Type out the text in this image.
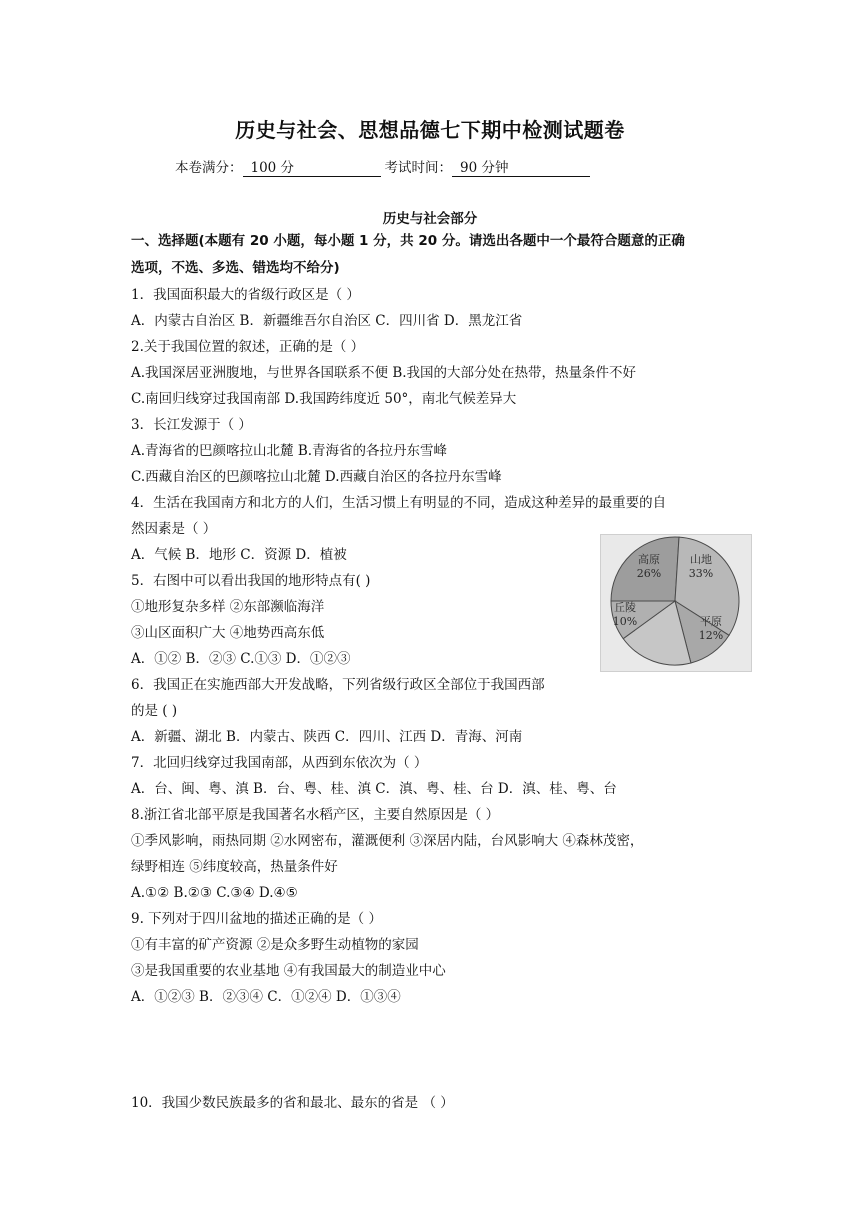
历史与社会、思想品德七下期中检测试题卷
本卷满分： 100 分	考试时间： 90 分钟
历史与社会部分
一、选择题(本题有 20 小题，每小题 1 分，共 20 分。请选出各题中一个最符合题意的正确
选项，不选、多选、错选均不给分)
1．我国面积最大的省级行政区是（ ）
A．内蒙古自治区 B．新疆维吾尔自治区 C．四川省 D．黑龙江省
2.关于我国位置的叙述，正确的是（ ）
A.我国深居亚洲腹地，与世界各国联系不便 B.我国的大部分处在热带，热量条件不好
C.南回归线穿过我国南部 D.我国跨纬度近 50°，南北气候差异大
3．长江发源于（ ）
A.青海省的巴颜喀拉山北麓 B.青海省的各拉丹东雪峰
C.西藏自治区的巴颜喀拉山北麓 D.西藏自治区的各拉丹东雪峰
4．生活在我国南方和北方的人们，生活习惯上有明显的不同，造成这种差异的最重要的自
然因素是（ ）
A．气候 B．地形 C．资源 D．植被
5．右图中可以看出我国的地形特点有( )
①地形复杂多样 ②东部濒临海洋
③山区面积广大 ④地势西高东低
A．①② B．②③ C.①③ D．①②③
6．我国正在实施西部大开发战略，下列省级行政区全部位于我国西部
的是 ( )
A．新疆、湖北 B．内蒙古、陕西 C．四川、江西 D．青海、河南
7．北回归线穿过我国南部，从西到东依次为（ ）
A．台、闽、粤、滇 B．台、粤、桂、滇 C．滇、粤、桂、台 D．滇、桂、粤、台
8.浙江省北部平原是我国著名水稻产区，主要自然原因是（ ）
①季风影响，雨热同期 ②水网密布，灌溉便利 ③深居内陆，台风影响大 ④森林茂密，
绿野相连 ⑤纬度较高，热量条件好
A.①② B.②③ C.③④ D.④⑤
9. 下列对于四川盆地的描述正确的是（ ）
①有丰富的矿产资源 ②是众多野生动植物的家园
③是我国重要的农业基地 ④有我国最大的制造业中心
A．①②③ B．②③④ C．①②④ D．①③④
10．我国少数民族最多的省和最北、最东的省是 （ ）
高原
26%
山地
33%
平原
12%
丘陵
10%
